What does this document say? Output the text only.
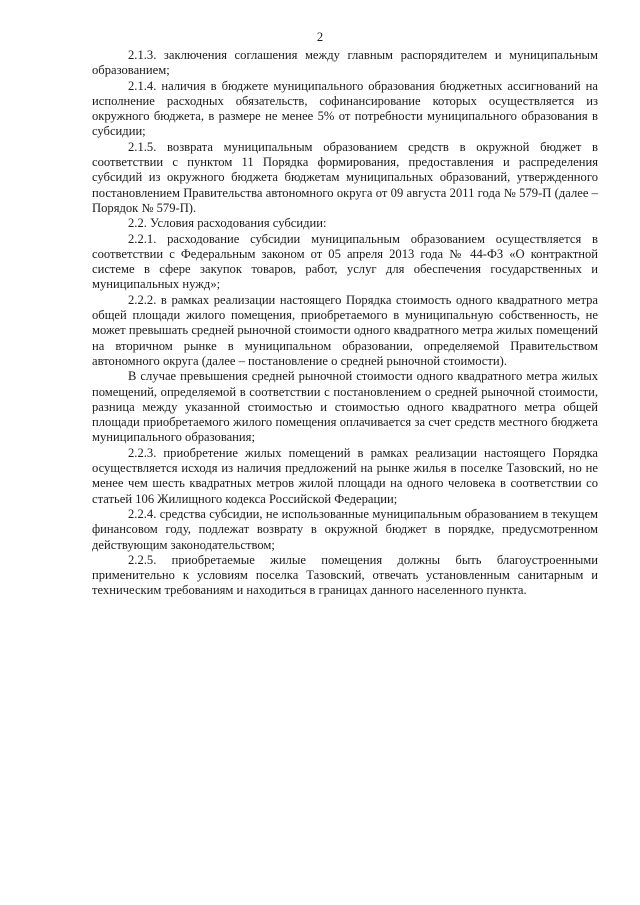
2

2.1.3. заключения соглашения между главным распорядителем и муниципальным образованием;

2.1.4. наличия в бюджете муниципального образования бюджетных ассигнований на исполнение расходных обязательств, софинансирование которых осуществляется из окружного бюджета, в размере не менее 5% от потребности муниципального образования в субсидии;

2.1.5. возврата муниципальным образованием средств в окружной бюджет в соответствии с пунктом 11 Порядка формирования, предоставления и распределения субсидий из окружного бюджета бюджетам муниципальных образований, утвержденного постановлением Правительства автономного округа от 09 августа 2011 года № 579-П (далее – Порядок № 579-П).

2.2. Условия расходования субсидии:

2.2.1. расходование субсидии муниципальным образованием осуществляется в соответствии с Федеральным законом от 05 апреля 2013 года № 44-ФЗ «О контрактной системе в сфере закупок товаров, работ, услуг для обеспечения государственных и муниципальных нужд»;

2.2.2. в рамках реализации настоящего Порядка стоимость одного квадратного метра общей площади жилого помещения, приобретаемого в муниципальную собственность, не может превышать средней рыночной стоимости одного квадратного метра жилых помещений на вторичном рынке в муниципальном образовании, определяемой Правительством автономного округа (далее – постановление о средней рыночной стоимости).

В случае превышения средней рыночной стоимости одного квадратного метра жилых помещений, определяемой в соответствии с постановлением о средней рыночной стоимости, разница между указанной стоимостью и стоимостью одного квадратного метра общей площади приобретаемого жилого помещения оплачивается за счет средств местного бюджета муниципального образования;

2.2.3. приобретение жилых помещений в рамках реализации настоящего Порядка осуществляется исходя из наличия предложений на рынке жилья в поселке Тазовский, но не менее чем шесть квадратных метров жилой площади на одного человека в соответствии со статьей 106 Жилищного кодекса Российской Федерации;

2.2.4. средства субсидии, не использованные муниципальным образованием в текущем финансовом году, подлежат возврату в окружной бюджет в порядке, предусмотренном действующим законодательством;

2.2.5. приобретаемые жилые помещения должны быть благоустроенными применительно к условиям поселка Тазовский, отвечать установленным санитарным и техническим требованиям и находиться в границах данного населенного пункта.
